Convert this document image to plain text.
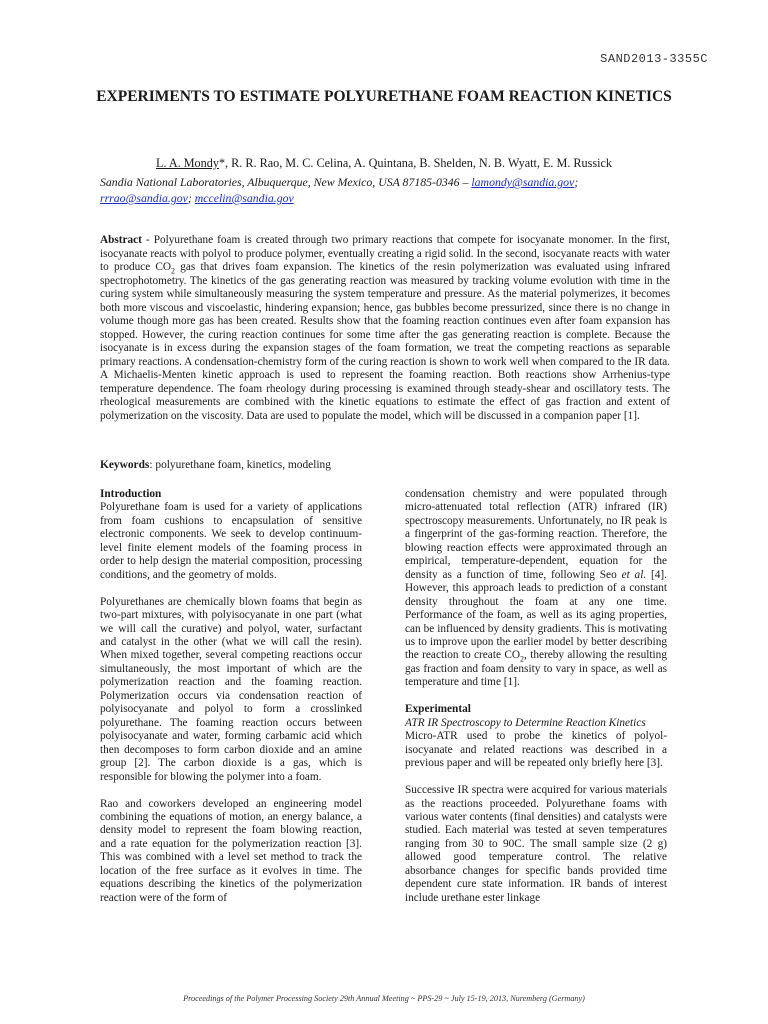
SAND2013-3355C
EXPERIMENTS TO ESTIMATE POLYURETHANE FOAM REACTION KINETICS
L. A. Mondy*, R. R. Rao, M. C. Celina, A. Quintana, B. Shelden, N. B. Wyatt, E. M. Russick
Sandia National Laboratories, Albuquerque, New Mexico, USA 87185-0346 – lamondy@sandia.gov;
rrrao@sandia.gov; mccelin@sandia.gov
Abstract - Polyurethane foam is created through two primary reactions that compete for isocyanate monomer. In the first, isocyanate reacts with polyol to produce polymer, eventually creating a rigid solid. In the second, isocyanate reacts with water to produce $CO_2$ gas that drives foam expansion. The kinetics of the resin polymerization was evaluated using infrared spectrophotometry. The kinetics of the gas generating reaction was measured by tracking volume evolution with time in the curing system while simultaneously measuring the system temperature and pressure. As the material polymerizes, it becomes both more viscous and viscoelastic, hindering expansion; hence, gas bubbles become pressurized, since there is no change in volume though more gas has been created. Results show that the foaming reaction continues even after foam expansion has stopped. However, the curing reaction continues for some time after the gas generating reaction is complete. Because the isocyanate is in excess during the expansion stages of the foam formation, we treat the competing reactions as separable primary reactions. A condensation-chemistry form of the curing reaction is shown to work well when compared to the IR data. A Michaelis-Menten kinetic approach is used to represent the foaming reaction. Both reactions show Arrhenius-type temperature dependence. The foam rheology during processing is examined through steady-shear and oscillatory tests. The rheological measurements are combined with the kinetic equations to estimate the effect of gas fraction and extent of polymerization on the viscosity. Data are used to populate the model, which will be discussed in a companion paper [1].
Keywords: polyurethane foam, kinetics, modeling
Introduction

Polyurethane foam is used for a variety of applications from foam cushions to encapsulation of sensitive electronic components. We seek to develop continuum-level finite element models of the foaming process in order to help design the material composition, processing conditions, and the geometry of molds.

Polyurethanes are chemically blown foams that begin as two-part mixtures, with polyisocyanate in one part (what we will call the curative) and polyol, water, surfactant and catalyst in the other (what we will call the resin). When mixed together, several competing reactions occur simultaneously, the most important of which are the polymerization reaction and the foaming reaction. Polymerization occurs via condensation reaction of polyisocyanate and polyol to form a crosslinked polyurethane. The foaming reaction occurs between polyisocyanate and water, forming carbamic acid which then decomposes to form carbon dioxide and an amine group [2]. The carbon dioxide is a gas, which is responsible for blowing the polymer into a foam.

Rao and coworkers developed an engineering model combining the equations of motion, an energy balance, a density model to represent the foam blowing reaction, and a rate equation for the polymerization reaction [3]. This was combined with a level set method to track the location of the free surface as it evolves in time. The equations describing the kinetics of the polymerization reaction were of the form of

condensation chemistry and were populated through micro-attenuated total reflection (ATR) infrared (IR) spectroscopy measurements. Unfortunately, no IR peak is a fingerprint of the gas-forming reaction. Therefore, the blowing reaction effects were approximated through an empirical, temperature-dependent, equation for the density as a function of time, following Seo et al. [4]. However, this approach leads to prediction of a constant density throughout the foam at any one time. Performance of the foam, as well as its aging properties, can be influenced by density gradients. This is motivating us to improve upon the earlier model by better describing the reaction to create $CO_2$, thereby allowing the resulting gas fraction and foam density to vary in space, as well as temperature and time [1].

Experimental
ATR IR Spectroscopy to Determine Reaction Kinetics

Micro-ATR used to probe the kinetics of polyol-isocyanate and related reactions was described in a previous paper and will be repeated only briefly here [3].

Successive IR spectra were acquired for various materials as the reactions proceeded. Polyurethane foams with various water contents (final densities) and catalysts were studied. Each material was tested at seven temperatures ranging from 30 to 90C. The small sample size (2 g) allowed good temperature control. The relative absorbance changes for specific bands provided time dependent cure state information. IR bands of interest include urethane ester linkage

Proceedings of the Polymer Processing Society 29th Annual Meeting ~ PPS-29 ~ July 15-19, 2013, Nuremberg (Germany)
